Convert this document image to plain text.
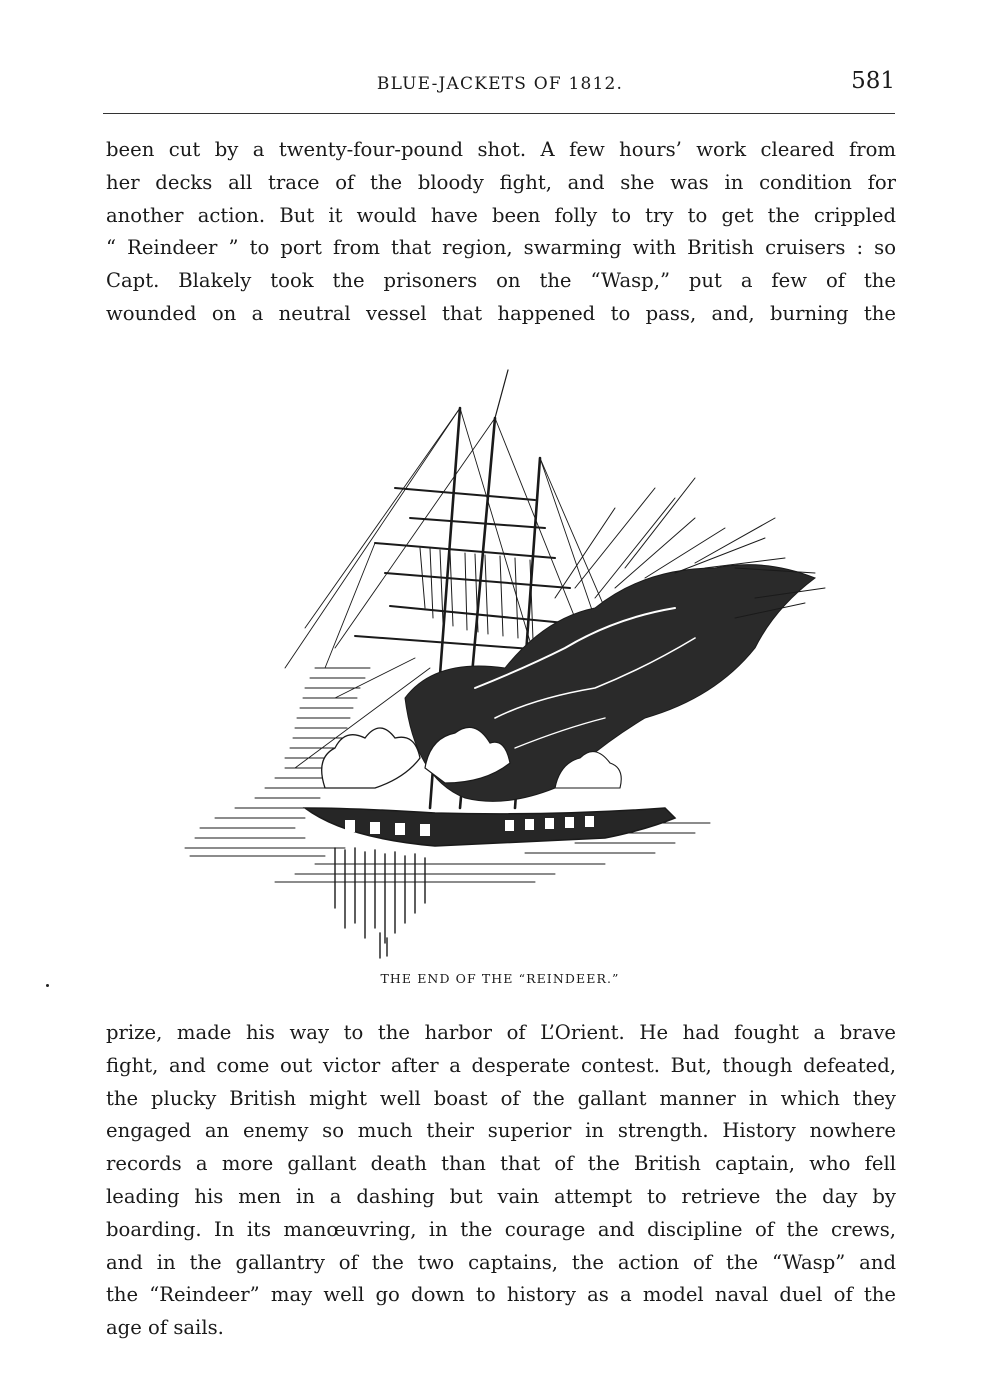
BLUE-JACKETS OF 1812.	581

been cut by a twenty-four-pound shot. A few hours’ work cleared from
her decks all trace of the bloody fight, and she was in condition for
another action. But it would have been folly to try to get the crippled
“ Reindeer ” to port from that region, swarming with British cruisers : so
Capt. Blakely took the prisoners on the “Wasp,” put a few of the
wounded on a neutral vessel that happened to pass, and, burning the

THE END OF THE “REINDEER.”

prize, made his way to the harbor of L’Orient. He had fought a brave
fight, and come out victor after a desperate contest. But, though defeated,
the plucky British might well boast of the gallant manner in which they
engaged an enemy so much their superior in strength. History nowhere
records a more gallant death than that of the British captain, who fell
leading his men in a dashing but vain attempt to retrieve the day by
boarding. In its manœuvring, in the courage and discipline of the crews,
and in the gallantry of the two captains, the action of the “Wasp” and
the “Reindeer” may well go down to history as a model naval duel of the
age of sails.
